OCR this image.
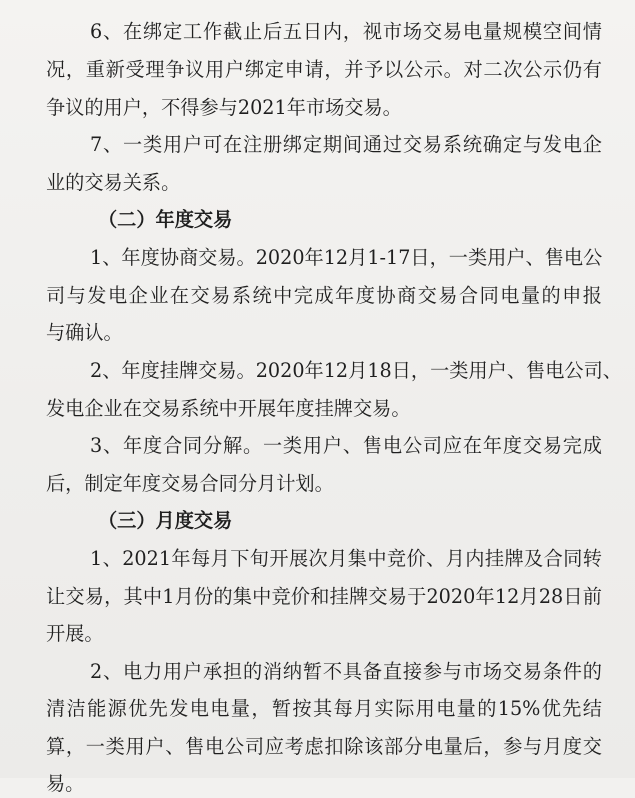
6、在绑定工作截止后五日内，视市场交易电量规模空间情
况，重新受理争议用户绑定申请，并予以公示。对二次公示仍有
争议的用户，不得参与2021年市场交易。
7、一类用户可在注册绑定期间通过交易系统确定与发电企
业的交易关系。
（二）年度交易
1、年度协商交易。2020年12月1-17日，一类用户、售电公
司与发电企业在交易系统中完成年度协商交易合同电量的申报
与确认。
2、年度挂牌交易。2020年12月18日，一类用户、售电公司、
发电企业在交易系统中开展年度挂牌交易。
3、年度合同分解。一类用户、售电公司应在年度交易完成
后，制定年度交易合同分月计划。
（三）月度交易
1、2021年每月下旬开展次月集中竞价、月内挂牌及合同转
让交易，其中1月份的集中竞价和挂牌交易于2020年12月28日前
开展。
2、电力用户承担的消纳暂不具备直接参与市场交易条件的
清洁能源优先发电电量，暂按其每月实际用电量的15%优先结
算，一类用户、售电公司应考虑扣除该部分电量后，参与月度交
易。
